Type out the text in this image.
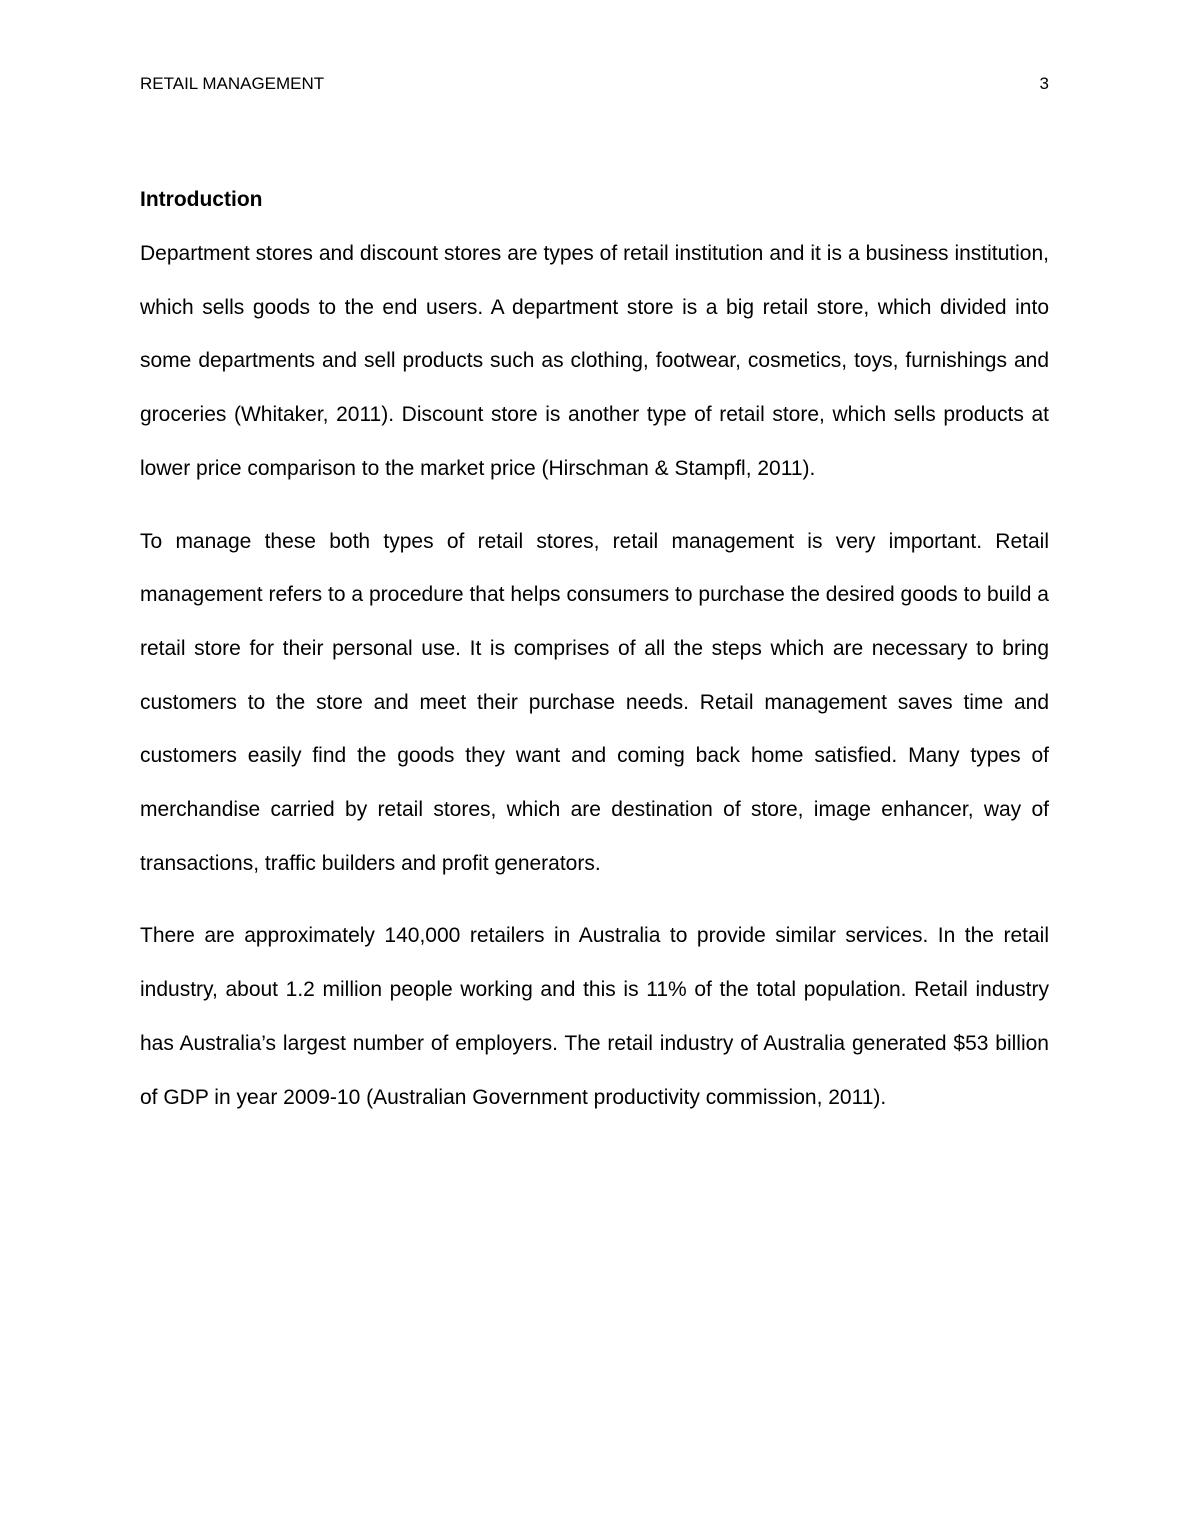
RETAIL MANAGEMENT	3
Introduction

Department stores and discount stores are types of retail institution and it is a business institution, which sells goods to the end users. A department store is a big retail store, which divided into some departments and sell products such as clothing, footwear, cosmetics, toys, furnishings and groceries (Whitaker, 2011). Discount store is another type of retail store, which sells products at lower price comparison to the market price (Hirschman & Stampfl, 2011).

To manage these both types of retail stores, retail management is very important. Retail management refers to a procedure that helps consumers to purchase the desired goods to build a retail store for their personal use. It is comprises of all the steps which are necessary to bring customers to the store and meet their purchase needs. Retail management saves time and customers easily find the goods they want and coming back home satisfied. Many types of merchandise carried by retail stores, which are destination of store, image enhancer, way of transactions, traffic builders and profit generators.

There are approximately 140,000 retailers in Australia to provide similar services. In the retail industry, about 1.2 million people working and this is 11% of the total population. Retail industry has Australia’s largest number of employers. The retail industry of Australia generated $53 billion of GDP in year 2009-10 (Australian Government productivity commission, 2011).
